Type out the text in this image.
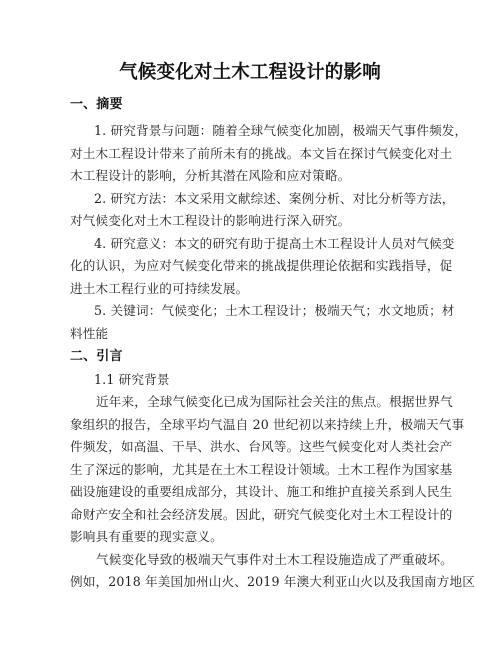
气候变化对土木工程设计的影响
一、摘要
1. 研究背景与问题：随着全球气候变化加剧，极端天气事件频发，
对土木工程设计带来了前所未有的挑战。本文旨在探讨气候变化对土
木工程设计的影响，分析其潜在风险和应对策略。
2. 研究方法：本文采用文献综述、案例分析、对比分析等方法，
对气候变化对土木工程设计的影响进行深入研究。
4. 研究意义：本文的研究有助于提高土木工程设计人员对气候变
化的认识，为应对气候变化带来的挑战提供理论依据和实践指导，促
进土木工程行业的可持续发展。
5. 关键词：气候变化；土木工程设计；极端天气；水文地质；材
料性能
二、引言
1.1 研究背景
近年来，全球气候变化已成为国际社会关注的焦点。根据世界气
象组织的报告，全球平均气温自 20 世纪初以来持续上升，极端天气事
件频发，如高温、干旱、洪水、台风等。这些气候变化对人类社会产
生了深远的影响，尤其是在土木工程设计领域。土木工程作为国家基
础设施建设的重要组成部分，其设计、施工和维护直接关系到人民生
命财产安全和社会经济发展。因此，研究气候变化对土木工程设计的
影响具有重要的现实意义。
气候变化导致的极端天气事件对土木工程设施造成了严重破坏。
例如，2018 年美国加州山火、2019 年澳大利亚山火以及我国南方地区
